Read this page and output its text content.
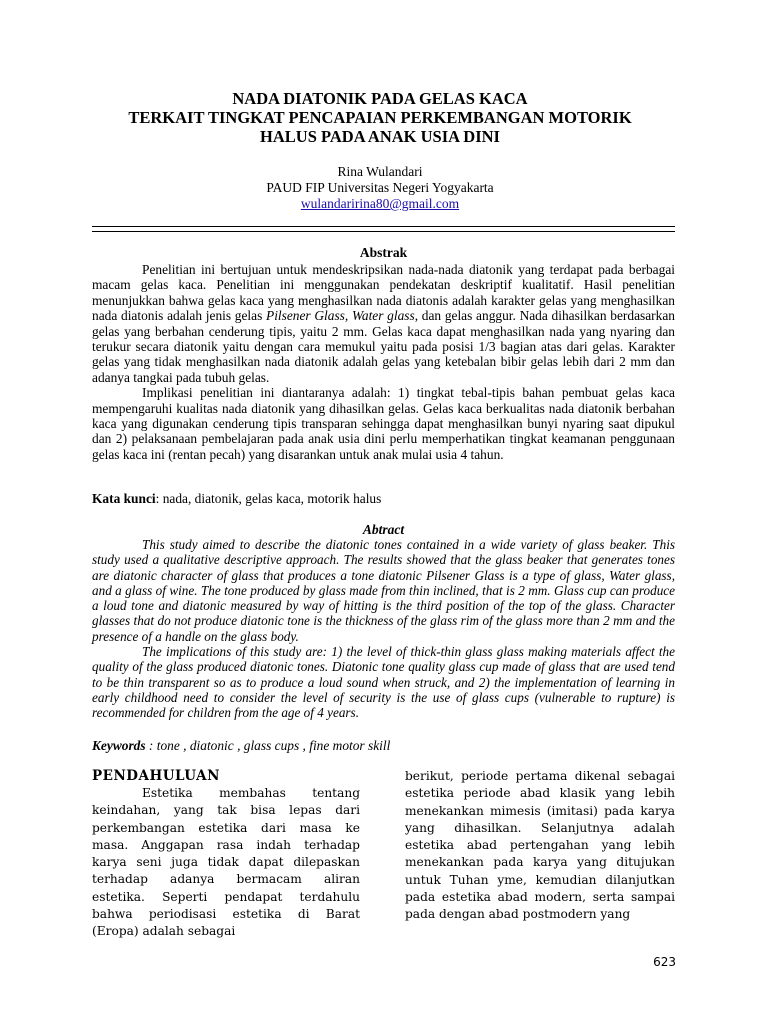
NADA DIATONIK PADA GELAS KACA
TERKAIT TINGKAT PENCAPAIAN PERKEMBANGAN MOTORIK
HALUS PADA ANAK USIA DINI
Rina Wulandari
PAUD FIP Universitas Negeri Yogyakarta
wulandaririna80@gmail.com
Abstrak

Penelitian ini bertujuan untuk mendeskripsikan nada-nada diatonik yang terdapat pada berbagai macam gelas kaca. Penelitian ini menggunakan pendekatan deskriptif kualitatif. Hasil penelitian menunjukkan bahwa gelas kaca yang menghasilkan nada diatonis adalah karakter gelas yang menghasilkan nada diatonis adalah jenis gelas Pilsener Glass, Water glass, dan gelas anggur. Nada dihasilkan berdasarkan gelas yang berbahan cenderung tipis, yaitu 2 mm. Gelas kaca dapat menghasilkan nada yang nyaring dan terukur secara diatonik yaitu dengan cara memukul yaitu pada posisi 1/3 bagian atas dari gelas. Karakter gelas yang tidak menghasilkan nada diatonik adalah gelas yang ketebalan bibir gelas lebih dari 2 mm dan adanya tangkai pada tubuh gelas.

Implikasi penelitian ini diantaranya adalah: 1) tingkat tebal-tipis bahan pembuat gelas kaca mempengaruhi kualitas nada diatonik yang dihasilkan gelas. Gelas kaca berkualitas nada diatonik berbahan kaca yang digunakan cenderung tipis transparan sehingga dapat menghasilkan bunyi nyaring saat dipukul dan 2) pelaksanaan pembelajaran pada anak usia dini perlu memperhatikan tingkat keamanan penggunaan gelas kaca ini (rentan pecah) yang disarankan untuk anak mulai usia 4 tahun.

Kata kunci: nada, diatonik, gelas kaca, motorik halus
Abtract

This study aimed to describe the diatonic tones contained in a wide variety of glass beaker. This study used a qualitative descriptive approach. The results showed that the glass beaker that generates tones are diatonic character of glass that produces a tone diatonic Pilsener Glass is a type of glass, Water glass, and a glass of wine. The tone produced by glass made from thin inclined, that is 2 mm. Glass cup can produce a loud tone and diatonic measured by way of hitting is the third position of the top of the glass. Character glasses that do not produce diatonic tone is the thickness of the glass rim of the glass more than 2 mm and the presence of a handle on the glass body.

The implications of this study are: 1) the level of thick-thin glass glass making materials affect the quality of the glass produced diatonic tones. Diatonic tone quality glass cup made of glass that are used tend to be thin transparent so as to produce a loud sound when struck, and 2) the implementation of learning in early childhood need to consider the level of security is the use of glass cups (vulnerable to rupture) is recommended for children from the age of 4 years.

Keywords : tone , diatonic , glass cups , fine motor skill
PENDAHULUAN

Estetika membahas tentang keindahan, yang tak bisa lepas dari perkembangan estetika dari masa ke masa. Anggapan rasa indah terhadap karya seni juga tidak dapat dilepaskan terhadap adanya bermacam aliran estetika. Seperti pendapat terdahulu bahwa periodisasi estetika di Barat (Eropa) adalah sebagai

berikut, periode pertama dikenal sebagai estetika periode abad klasik yang lebih menekankan mimesis (imitasi) pada karya yang dihasilkan. Selanjutnya adalah estetika abad pertengahan yang lebih menekankan pada karya yang ditujukan untuk Tuhan yme, kemudian dilanjutkan pada estetika abad modern, serta sampai pada dengan abad postmodern yang

623
